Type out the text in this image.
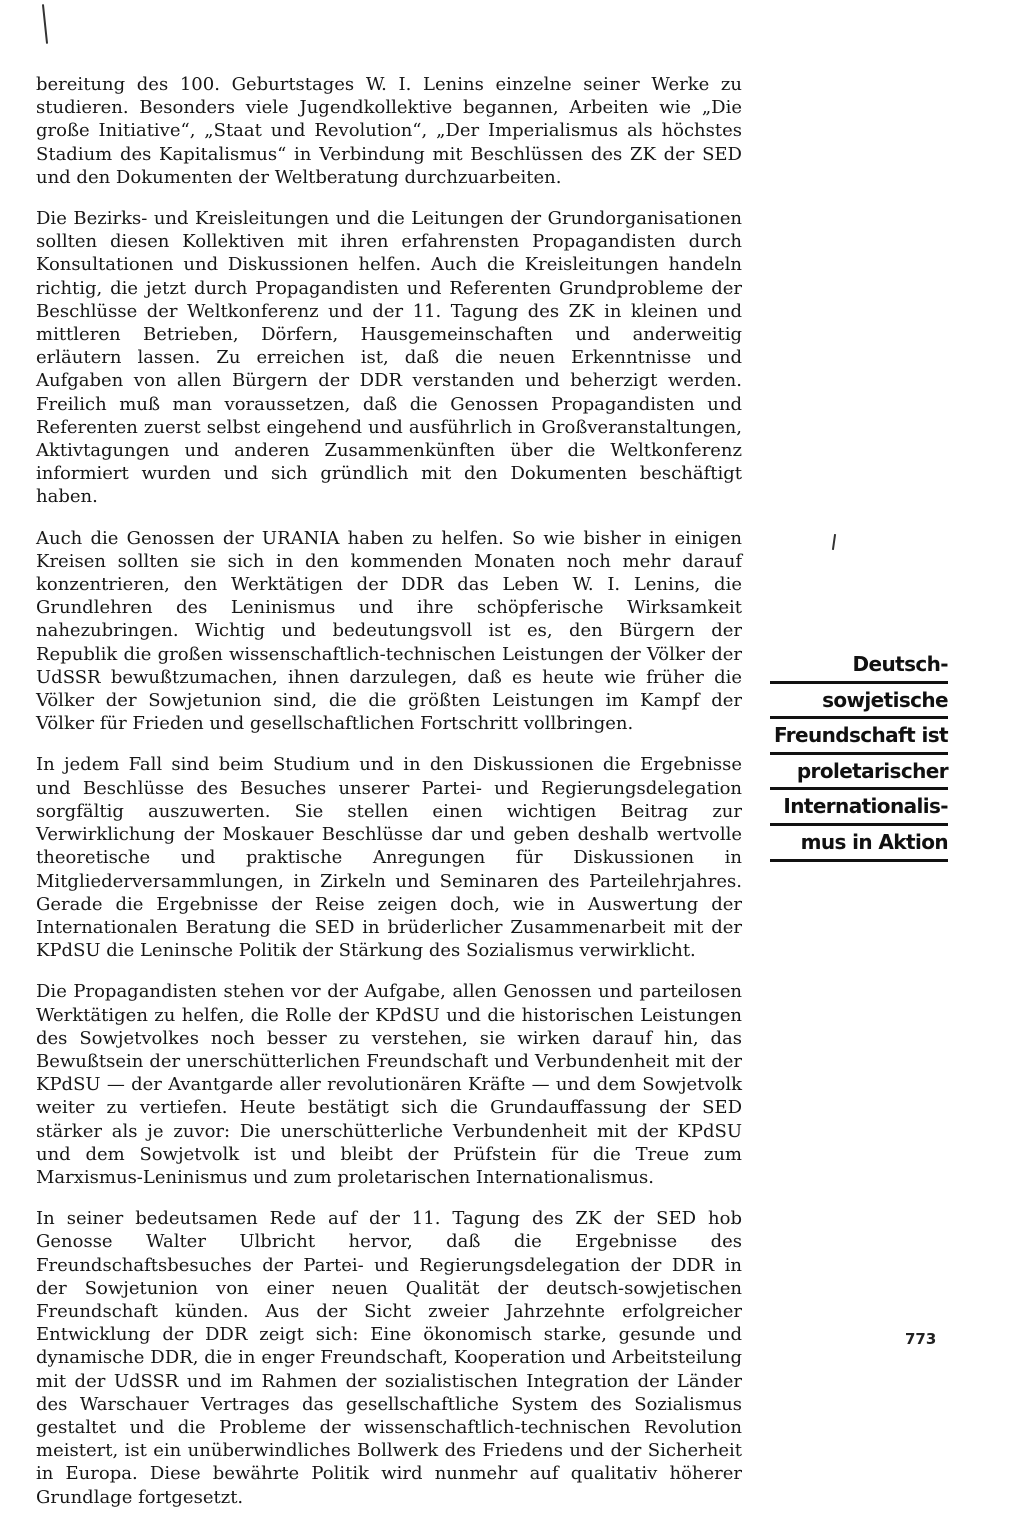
bereitung des 100. Geburtstages W. I. Lenins einzelne seiner Werke zu studieren. Besonders viele Jugendkollektive begannen, Arbeiten wie „Die große Initiative“, „Staat und Revolution“, „Der Imperialismus als höchstes Stadium des Kapitalismus“ in Verbindung mit Beschlüssen des ZK der SED und den Dokumenten der Weltberatung durchzuarbeiten.

Die Bezirks- und Kreisleitungen und die Leitungen der Grundorganisationen sollten diesen Kollektiven mit ihren erfahrensten Propagandisten durch Konsultationen und Diskussionen helfen. Auch die Kreisleitungen handeln richtig, die jetzt durch Propagandisten und Referenten Grundprobleme der Beschlüsse der Weltkonferenz und der 11. Tagung des ZK in kleinen und mittleren Betrieben, Dörfern, Hausgemeinschaften und anderweitig erläutern lassen. Zu erreichen ist, daß die neuen Erkenntnisse und Aufgaben von allen Bürgern der DDR verstanden und beherzigt werden. Freilich muß man voraussetzen, daß die Genossen Propagandisten und Referenten zuerst selbst eingehend und ausführlich in Großveranstaltungen, Aktivtagungen und anderen Zusammenkünften über die Weltkonferenz informiert wurden und sich gründlich mit den Dokumenten beschäftigt haben.

Auch die Genossen der URANIA haben zu helfen. So wie bisher in einigen Kreisen sollten sie sich in den kommenden Monaten noch mehr darauf konzentrieren, den Werktätigen der DDR das Leben W. I. Lenins, die Grundlehren des Leninismus und ihre schöpferische Wirksamkeit nahezubringen. Wichtig und bedeutungsvoll ist es, den Bürgern der Republik die großen wissenschaftlich-technischen Leistungen der Völker der UdSSR bewußtzumachen, ihnen darzulegen, daß es heute wie früher die Völker der Sowjetunion sind, die die größten Leistungen im Kampf der Völker für Frieden und gesellschaftlichen Fortschritt vollbringen.

In jedem Fall sind beim Studium und in den Diskussionen die Ergebnisse und Beschlüsse des Besuches unserer Partei- und Regierungsdelegation sorgfältig auszuwerten. Sie stellen einen wichtigen Beitrag zur Verwirklichung der Moskauer Beschlüsse dar und geben deshalb wertvolle theoretische und praktische Anregungen für Diskussionen in Mitgliederversammlungen, in Zirkeln und Seminaren des Parteilehrjahres. Gerade die Ergebnisse der Reise zeigen doch, wie in Auswertung der Internationalen Beratung die SED in brüderlicher Zusammenarbeit mit der KPdSU die Leninsche Politik der Stärkung des Sozialismus verwirklicht.

Die Propagandisten stehen vor der Aufgabe, allen Genossen und parteilosen Werktätigen zu helfen, die Rolle der KPdSU und die historischen Leistungen des Sowjetvolkes noch besser zu verstehen, sie wirken darauf hin, das Bewußtsein der unerschütterlichen Freundschaft und Verbundenheit mit der KPdSU — der Avantgarde aller revolutionären Kräfte — und dem Sowjetvolk weiter zu vertiefen. Heute bestätigt sich die Grundauffassung der SED stärker als je zuvor: Die unerschütterliche Verbundenheit mit der KPdSU und dem Sowjetvolk ist und bleibt der Prüfstein für die Treue zum Marxismus-Leninismus und zum proletarischen Internationalismus.

In seiner bedeutsamen Rede auf der 11. Tagung des ZK der SED hob Genosse Walter Ulbricht hervor, daß die Ergebnisse des Freundschaftsbesuches der Partei- und Regierungsdelegation der DDR in der Sowjetunion von einer neuen Qualität der deutsch-sowjetischen Freundschaft künden. Aus der Sicht zweier Jahrzehnte erfolgreicher Entwicklung der DDR zeigt sich: Eine ökonomisch starke, gesunde und dynamische DDR, die in enger Freundschaft, Kooperation und Arbeitsteilung mit der UdSSR und im Rahmen der sozialistischen Integration der Länder des Warschauer Vertrages das gesellschaftliche System des Sozialismus gestaltet und die Probleme der wissenschaftlich-technischen Revolution meistert, ist ein unüberwindliches Bollwerk des Friedens und der Sicherheit in Europa. Diese bewährte Politik wird nunmehr auf qualitativ höherer Grundlage fortgesetzt.

Deutsch-
sowjetische
Freundschaft ist
proletarischer
Internationalis-
mus in Aktion
773
